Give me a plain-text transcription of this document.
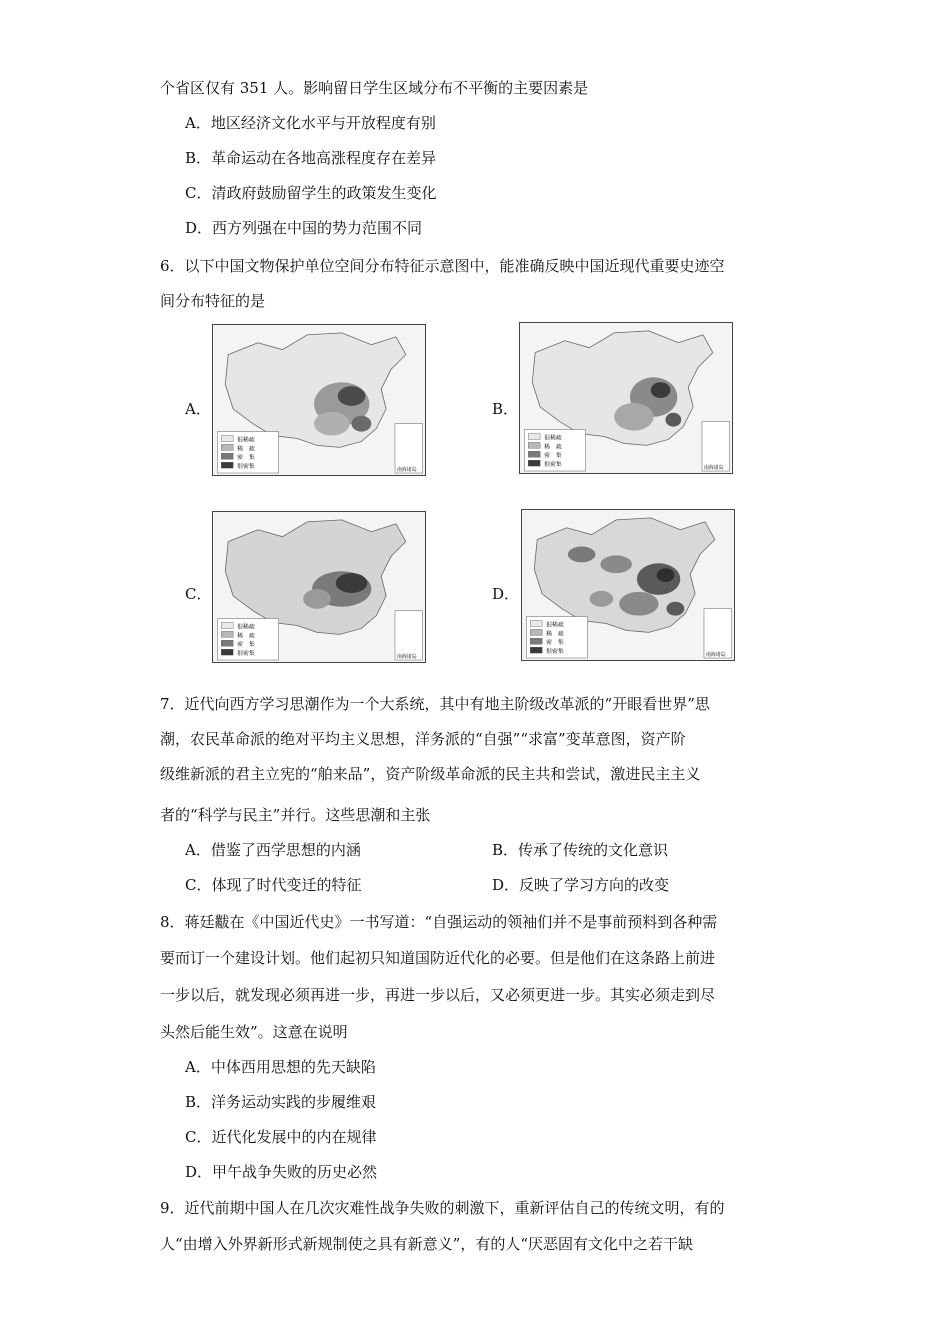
个省区仅有 351 人。影响留日学生区域分布不平衡的主要因素是
A．地区经济文化水平与开放程度有别
B．革命运动在各地高涨程度存在差异
C．清政府鼓励留学生的政策发生变化
D．西方列强在中国的势力范围不同
6．以下中国文物保护单位空间分布特征示意图中，能准确反映中国近现代重要史迹空
间分布特征的是
A．	B．
C．	D．
很稀疏
稀　疏
密　集
很密集	南海诸岛
很稀疏
稀　疏
密　集
很密集	南海诸岛
很稀疏
稀　疏
密　集
很密集	南海诸岛
很稀疏
稀　疏
密　集
很密集	南海诸岛
7．近代向西方学习思潮作为一个大系统，其中有地主阶级改革派的“开眼看世界”思
潮，农民革命派的绝对平均主义思想，洋务派的“自强”“求富”变革意图，资产阶
级维新派的君主立宪的“舶来品”，资产阶级革命派的民主共和尝试，激进民主主义
者的“科学与民主”并行。这些思潮和主张
A．借鉴了西学思想的内涵	B．传承了传统的文化意识
C．体现了时代变迁的特征	D．反映了学习方向的改变
8．蒋廷黻在《中国近代史》一书写道：“自强运动的领袖们并不是事前预料到各种需
要而订一个建设计划。他们起初只知道国防近代化的必要。但是他们在这条路上前进
一步以后，就发现必须再进一步，再进一步以后，又必须更进一步。其实必须走到尽
头然后能生效”。这意在说明
A．中体西用思想的先天缺陷
B．洋务运动实践的步履维艰
C．近代化发展中的内在规律
D．甲午战争失败的历史必然
9．近代前期中国人在几次灾难性战争失败的刺激下，重新评估自己的传统文明，有的
人“由增入外界新形式新规制使之具有新意义”，有的人“厌恶固有文化中之若干缺
